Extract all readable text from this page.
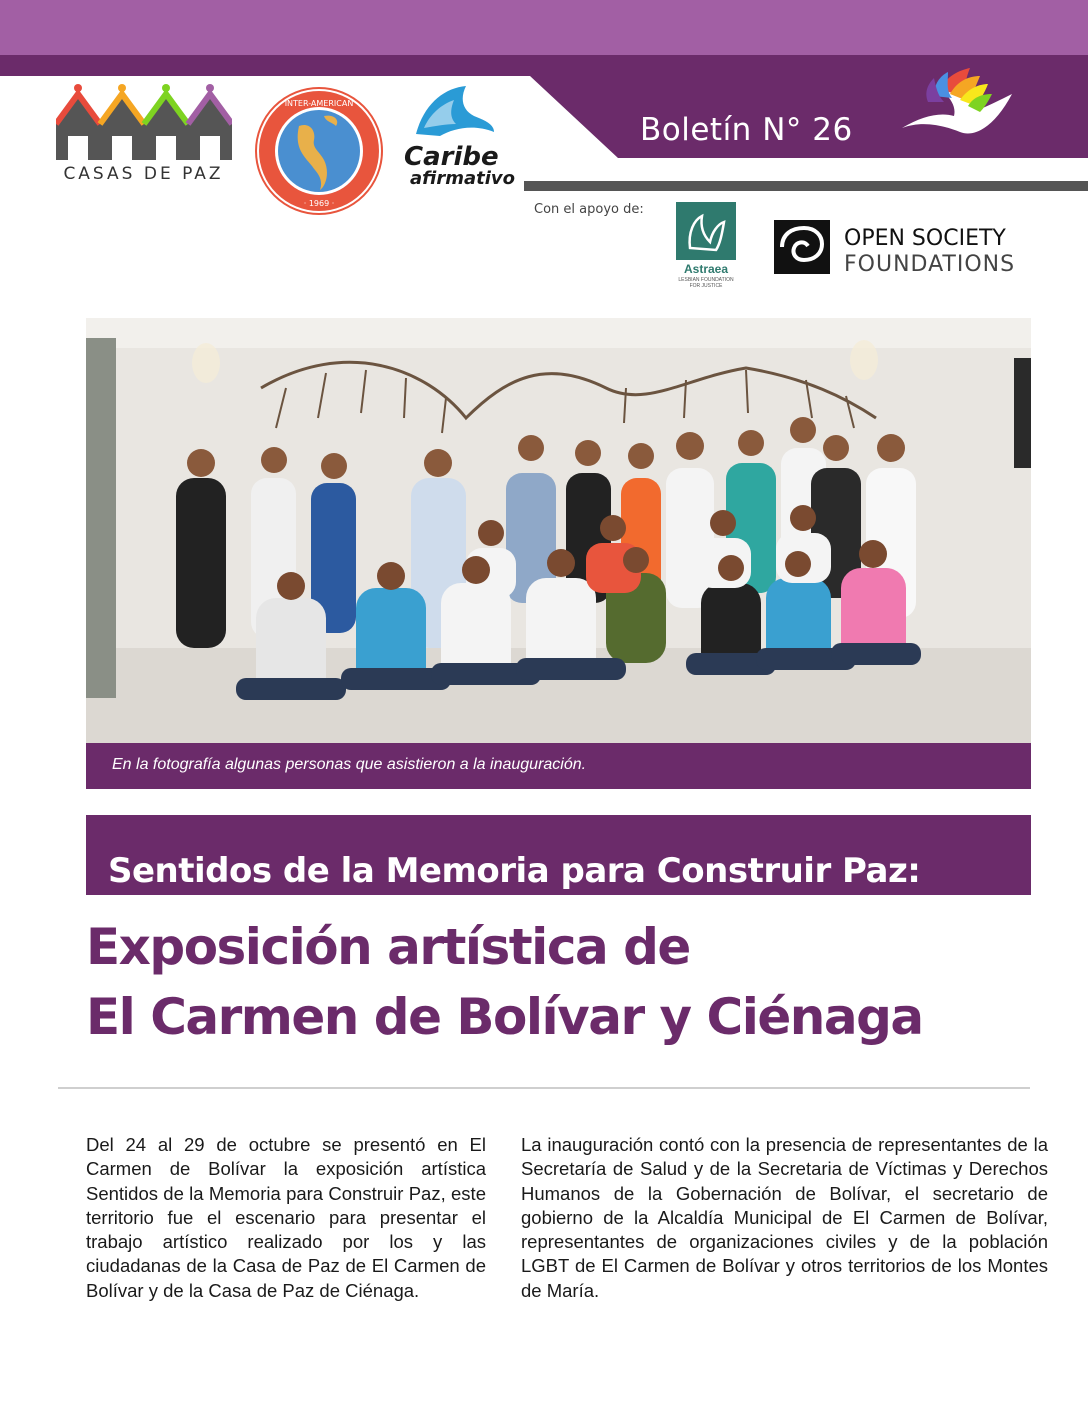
Boletín N° 26
CASAS DE PAZ
INTER-AMERICAN
· 1969 ·
Caribe
afirmativo
Con el apoyo de:
Astraea
LESBIAN FOUNDATION FOR JUSTICE
OPEN SOCIETY
FOUNDATIONS
En la fotografía algunas personas que asistieron a la inauguración.
Sentidos de la Memoria para Construir Paz:
Exposición artística de
El Carmen de Bolívar y Ciénaga
Del 24 al 29 de octubre se presentó en El Carmen de Bolívar la exposición artística Sentidos de la Memoria para Construir Paz, este territorio fue el escenario para presentar el trabajo artístico realizado por los y las ciudadanas de la Casa de Paz de El Carmen de Bolívar y de la Casa de Paz de Ciénaga.
La inauguración contó con la presencia de representantes de la Secretaría de Salud y de la Secretaria de Víctimas y Derechos Humanos de la Gobernación de Bolívar, el secretario de gobierno de la Alcaldía Municipal de El Carmen de Bolívar, representantes de organizaciones civiles y de la población LGBT de El Carmen de Bolívar y otros territorios de los Montes de María.
